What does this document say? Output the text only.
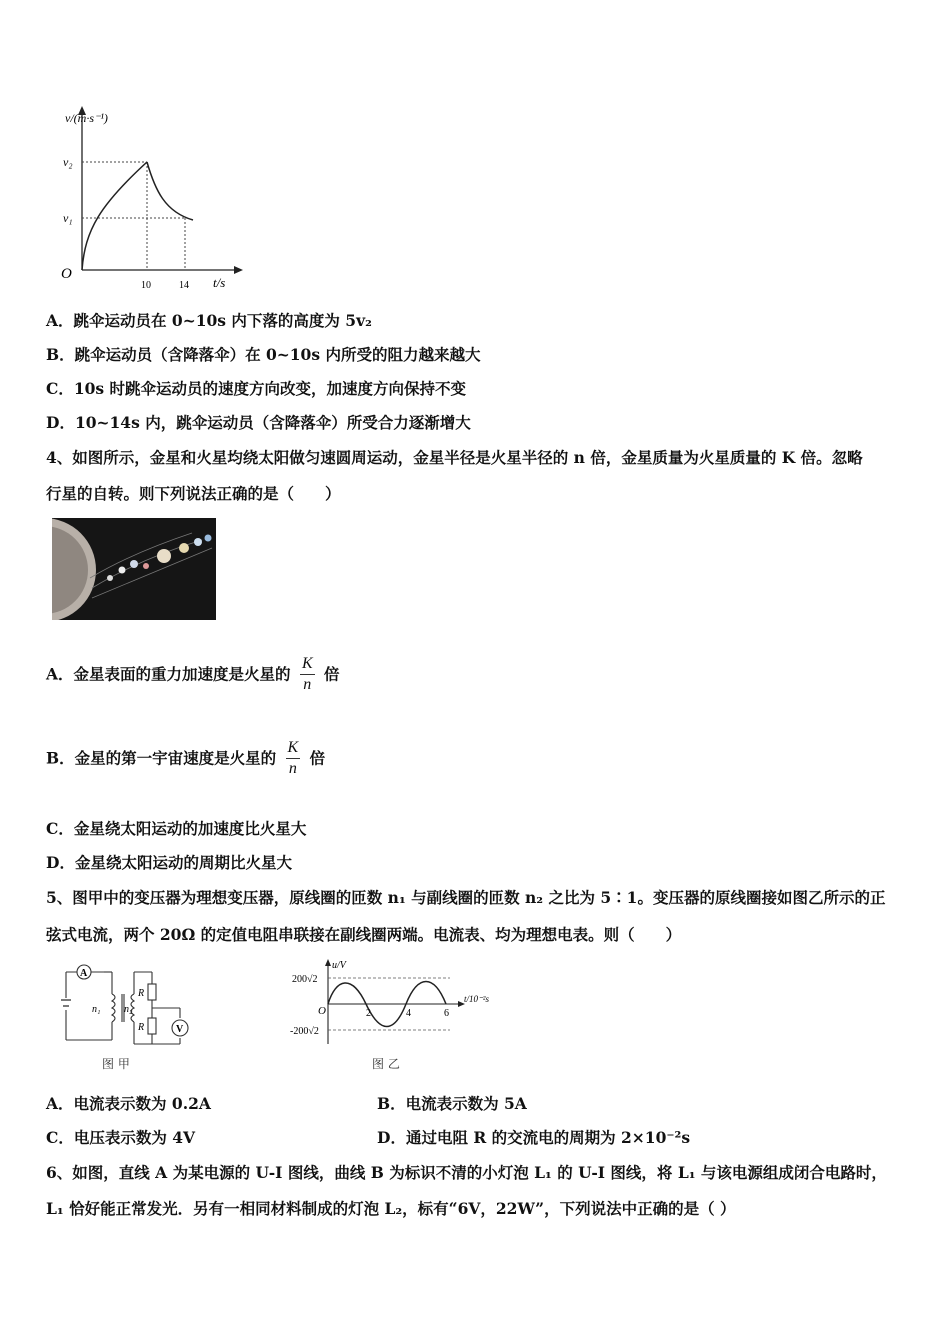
v/(m·s⁻¹)
v₂
v₁
O
10	14 t/s
A．跳伞运动员在 0~10s 内下落的高度为 5v₂
B．跳伞运动员（含降落伞）在 0~10s 内所受的阻力越来越大
C．10s 时跳伞运动员的速度方向改变，加速度方向保持不变
D．10~14s 内，跳伞运动员（含降落伞）所受合力逐渐增大
4、如图所示，金星和火星均绕太阳做匀速圆周运动，金星半径是火星半径的 n 倍，金星质量为火星质量的 K 倍。忽略
行星的自转。则下列说法正确的是（　　）
A．金星表面的重力加速度是火星的 $\frac{K}{n}$ 倍
B．金星的第一宇宙速度是火星的 $\frac{K}{n}$ 倍
C．金星绕太阳运动的加速度比火星大
D．金星绕太阳运动的周期比火星大
5、图甲中的变压器为理想变压器，原线圈的匝数 n₁ 与副线圈的匝数 n₂ 之比为 5∶1。变压器的原线圈接如图乙所示的正
弦式电流，两个 20Ω 的定值电阻串联接在副线圈两端。电流表、均为理想电表。则（　　）
A
V
n₁ n₂
R
R
图 甲
u/V
200√2
-200√2
t/10⁻²s
O	2	4	6
图 乙
A．电流表示数为 0.2A	B．电流表示数为 5A
C．电压表示数为 4V	D．通过电阻 R 的交流电的周期为 2×10⁻²s
6、如图，直线 A 为某电源的 U-I 图线，曲线 B 为标识不清的小灯泡 L₁ 的 U-I 图线，将 L₁ 与该电源组成闭合电路时，
L₁ 恰好能正常发光．另有一相同材料制成的灯泡 L₂，标有“6V，22W”，下列说法中正确的是（ ）
